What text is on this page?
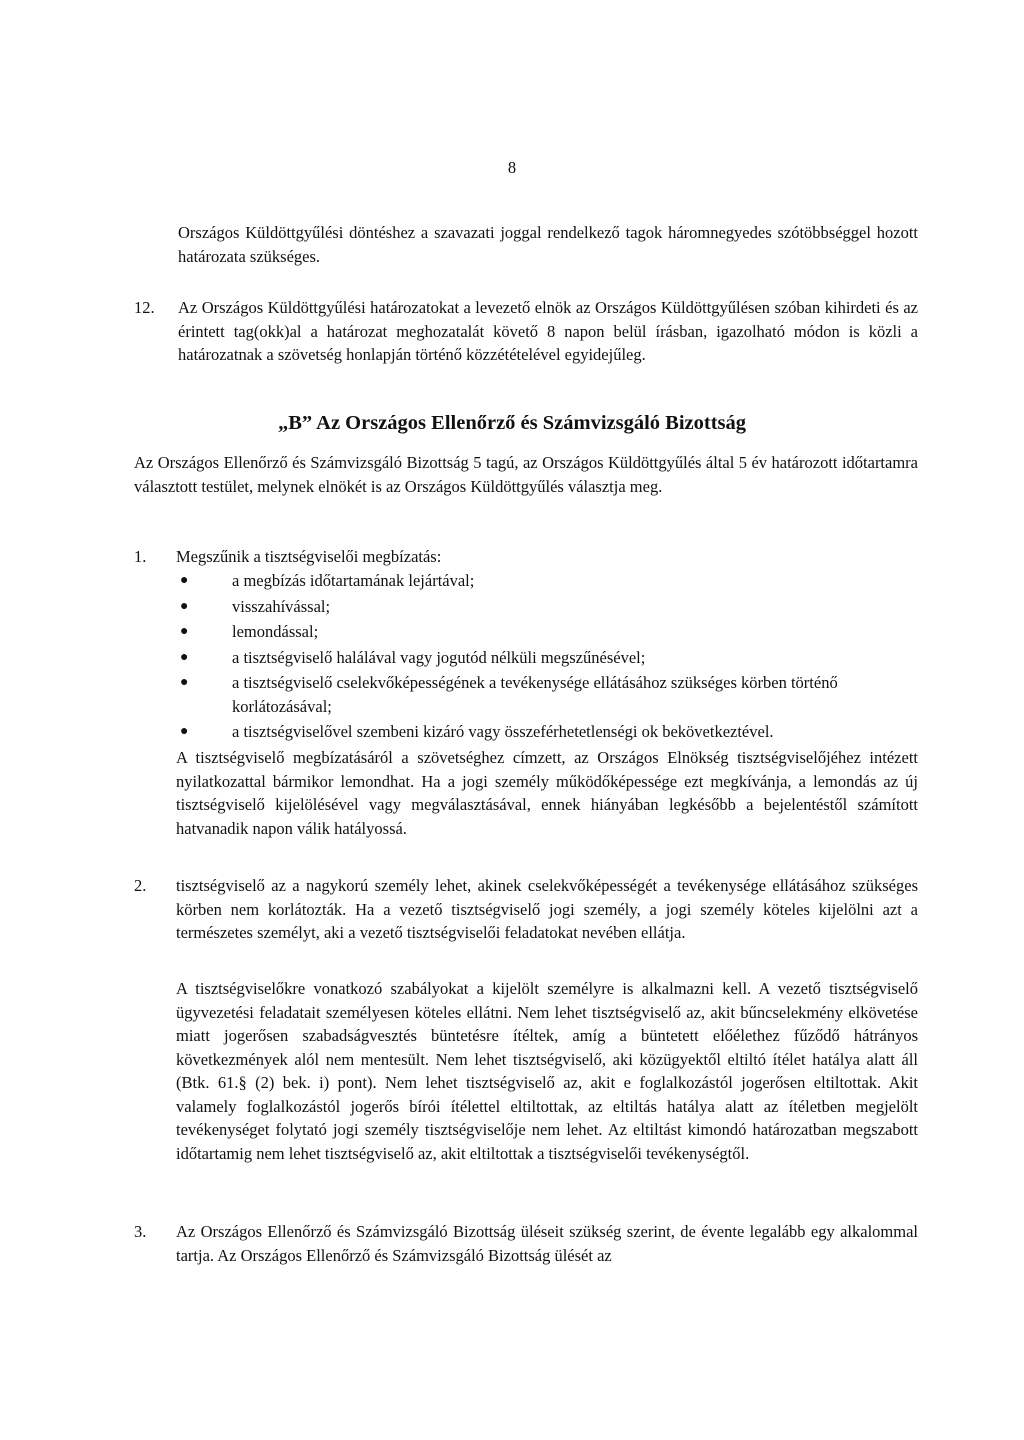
8
Országos Küldöttgyűlési döntéshez a szavazati joggal rendelkező tagok háromnegyedes szótöbbséggel hozott határozata szükséges.
12. Az Országos Küldöttgyűlési határozatokat a levezető elnök az Országos Küldöttgyűlésen szóban kihirdeti és az érintett tag(okk)al a határozat meghozatalát követő 8 napon belül írásban, igazolható módon is közli a határozatnak a szövetség honlapján történő közzétételével egyidejűleg.
„B” Az Országos Ellenőrző és Számvizsgáló Bizottság
Az Országos Ellenőrző és Számvizsgáló Bizottság 5 tagú, az Országos Küldöttgyűlés által 5 év határozott időtartamra választott testület, melynek elnökét is az Országos Küldöttgyűlés választja meg.
1. Megszűnik a tisztségviselői megbízatás:
●	a megbízás időtartamának lejártával;
●	visszahívással;
●	lemondással;
●	a tisztségviselő halálával vagy jogutód nélküli megszűnésével;
●	a tisztségviselő cselekvőképességének a tevékenysége ellátásához szükséges körben történő korlátozásával;
●	a tisztségviselővel szembeni kizáró vagy összeférhetetlenségi ok bekövetkeztével.
A tisztségviselő megbízatásáról a szövetséghez címzett, az Országos Elnökség tisztségviselőjéhez intézett nyilatkozattal bármikor lemondhat. Ha a jogi személy működőképessége ezt megkívánja, a lemondás az új tisztségviselő kijelölésével vagy megválasztásával, ennek hiányában legkésőbb a bejelentéstől számított hatvanadik napon válik hatályossá.
2. tisztségviselő az a nagykorú személy lehet, akinek cselekvőképességét a tevékenysége ellátásához szükséges körben nem korlátozták. Ha a vezető tisztségviselő jogi személy, a jogi személy köteles kijelölni azt a természetes személyt, aki a vezető tisztségviselői feladatokat nevében ellátja.
A tisztségviselőkre vonatkozó szabályokat a kijelölt személyre is alkalmazni kell. A vezető tisztségviselő ügyvezetési feladatait személyesen köteles ellátni. Nem lehet tisztségviselő az, akit bűncselekmény elkövetése miatt jogerősen szabadságvesztés büntetésre ítéltek, amíg a büntetett előélethez fűződő hátrányos következmények alól nem mentesült. Nem lehet tisztségviselő, aki közügyektől eltiltó ítélet hatálya alatt áll (Btk. 61.§ (2) bek. i) pont). Nem lehet tisztségviselő az, akit e foglalkozástól jogerősen eltiltottak. Akit valamely foglalkozástól jogerős bírói ítélettel eltiltottak, az eltiltás hatálya alatt az ítéletben megjelölt tevékenységet folytató jogi személy tisztségviselője nem lehet. Az eltiltást kimondó határozatban megszabott időtartamig nem lehet tisztségviselő az, akit eltiltottak a tisztségviselői tevékenységtől.
3. Az Országos Ellenőrző és Számvizsgáló Bizottság üléseit szükség szerint, de évente legalább egy alkalommal tartja. Az Országos Ellenőrző és Számvizsgáló Bizottság ülését az
